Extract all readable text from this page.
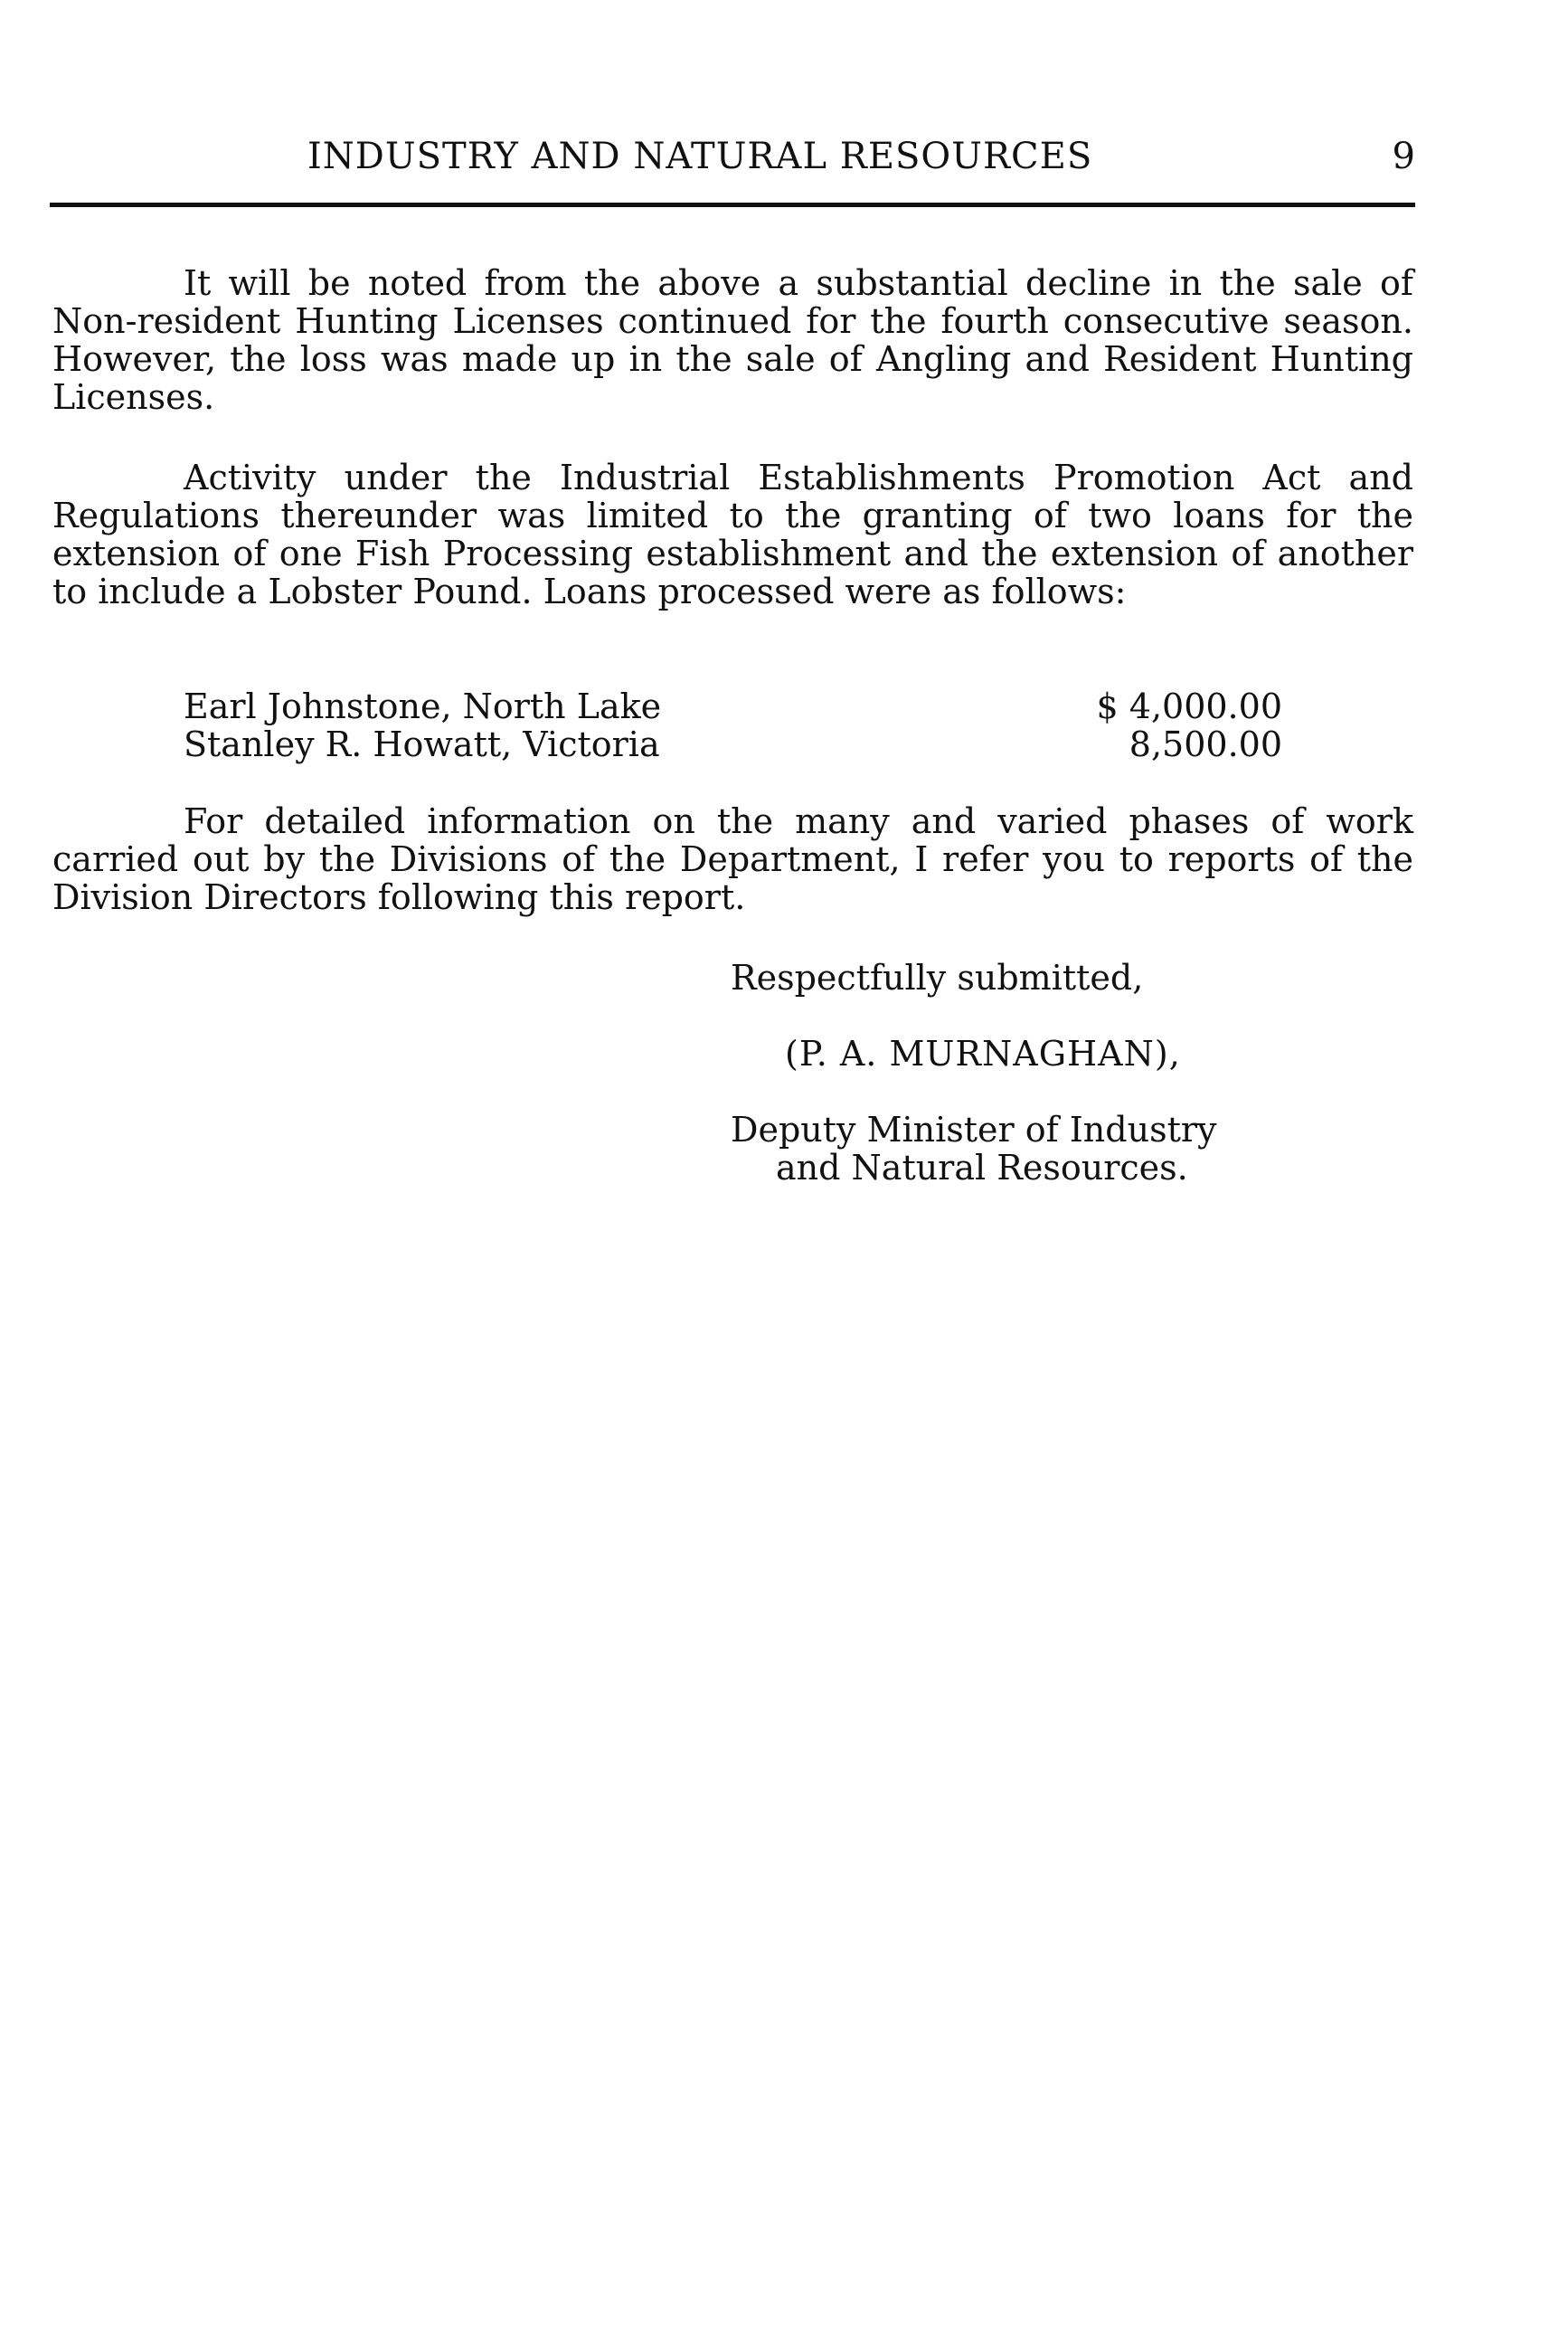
INDUSTRY AND NATURAL RESOURCES	9

It will be noted from the above a substantial decline in the sale of Non-resident Hunting Licenses continued for the fourth consecutive season. However, the loss was made up in the sale of Angling and Resident Hunting Licenses.

Activity under the Industrial Establishments Promotion Act and Regulations thereunder was limited to the granting of two loans for the extension of one Fish Processing establishment and the extension of another to include a Lobster Pound. Loans processed were as follows:

Earl Johnstone, North Lake	$ 4,000.00
Stanley R. Howatt, Victoria	8,500.00

For detailed information on the many and varied phases of work carried out by the Divisions of the Department, I refer you to reports of the Division Directors following this report.

Respectfully submitted,
(P. A. MURNAGHAN),
Deputy Minister of Industry
and Natural Resources.
